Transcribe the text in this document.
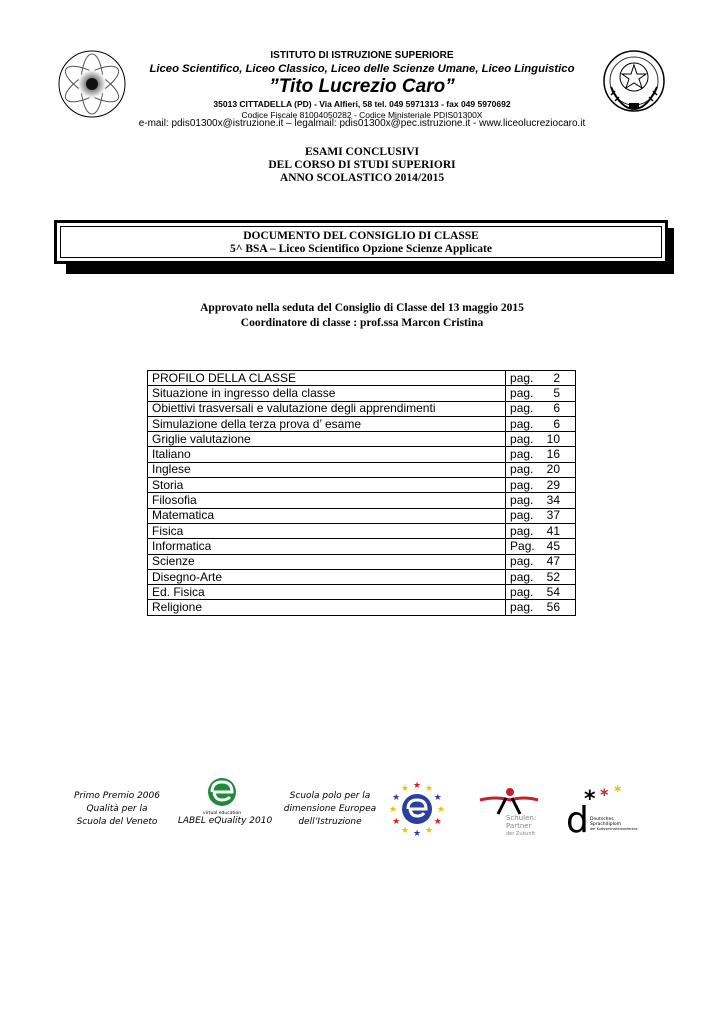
ISTITUTO DI ISTRUZIONE SUPERIORE
Liceo Scientifico, Liceo Classico, Liceo delle Scienze Umane, Liceo Linguistico
”Tito Lucrezio Caro”
35013 CITTADELLA (PD) - Via Alfieri, 58 tel. 049 5971313 - fax 049 5970692
Codice Fiscale 81004050282 - Codice Ministeriale PDIS01300X
e-mail: pdis01300x@istruzione.it – legalmail: pdis01300x@pec.istruzione.it - www.liceolucreziocaro.it
ESAMI CONCLUSIVI
DEL CORSO DI STUDI SUPERIORI
ANNO SCOLASTICO 2014/2015
DOCUMENTO DEL CONSIGLIO DI CLASSE
5^ BSA – Liceo Scientifico Opzione Scienze Applicate
Approvato nella seduta del Consiglio di Classe del 13 maggio 2015
Coordinatore di classe : prof.ssa Marcon Cristina
PROFILO DELLA CLASSE	pag. 2

Situazione in ingresso della classe	pag. 5

Obiettivi trasversali e valutazione degli apprendimenti	pag. 6

Simulazione della terza prova d’ esame	pag. 6

Griglie valutazione	pag. 10

Italiano	pag. 16

Inglese	pag. 20

Storia	pag. 29

Filosofia	pag. 34

Matematica	pag. 37

Fisica	pag. 41

Informatica	Pag. 45

Scienze	pag. 47

Disegno-Arte	pag. 52

Ed. Fisica	pag. 54

Religione	pag. 56
Primo Premio 2006
Qualità per la
Scuola del Veneto
virtual education
LABEL eQuality 2010
Scuola polo per la
dimensione Europea
dell’Istruzione
★ ★
★
★
★
★
★
★
★
★
★
★
Schulen:
Partner
der Zukunft d
* * *
Deutsches
Sprachdiplom
der Kultusministerkonferenz
